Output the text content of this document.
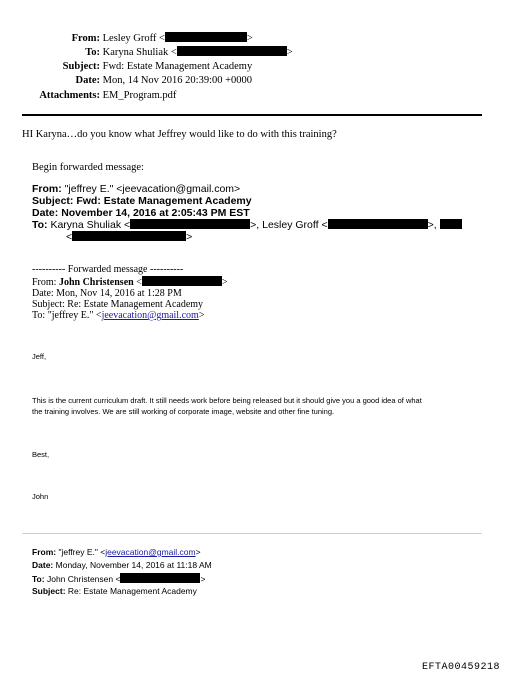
From: Lesley Groff <	>
To: Karyna Shuliak <	>
Subject: Fwd: Estate Management Academy
Date: Mon, 14 Nov 2016 20:39:00 +0000
Attachments: EM_Program.pdf
HI Karyna…do you know what Jeffrey would like to do with this training?
Begin forwarded message:
From: "jeffrey E." <jeevacation@gmail.com>
Subject: Fwd: Estate Management Academy
Date: November 14, 2016 at 2:05:43 PM EST
To: Karyna Shuliak <	>, Lesley Groff <	>,
<	>
---------- Forwarded message ----------
From: John Christensen <	>
Date: Mon, Nov 14, 2016 at 1:28 PM
Subject: Re: Estate Management Academy
To: "jeffrey E." <jeevacation@gmail.com>
Jeff,
This is the current curriculum draft. It still needs work before being released but it should give you a good idea of what
the training involves. We are still working of corporate image, website and other fine tuning.
Best,
John
From: "jeffrey E." <jeevacation@gmail.com>
Date: Monday, November 14, 2016 at 11:18 AM
To: John Christensen <	>
Subject: Re: Estate Management Academy
EFTA00459218
